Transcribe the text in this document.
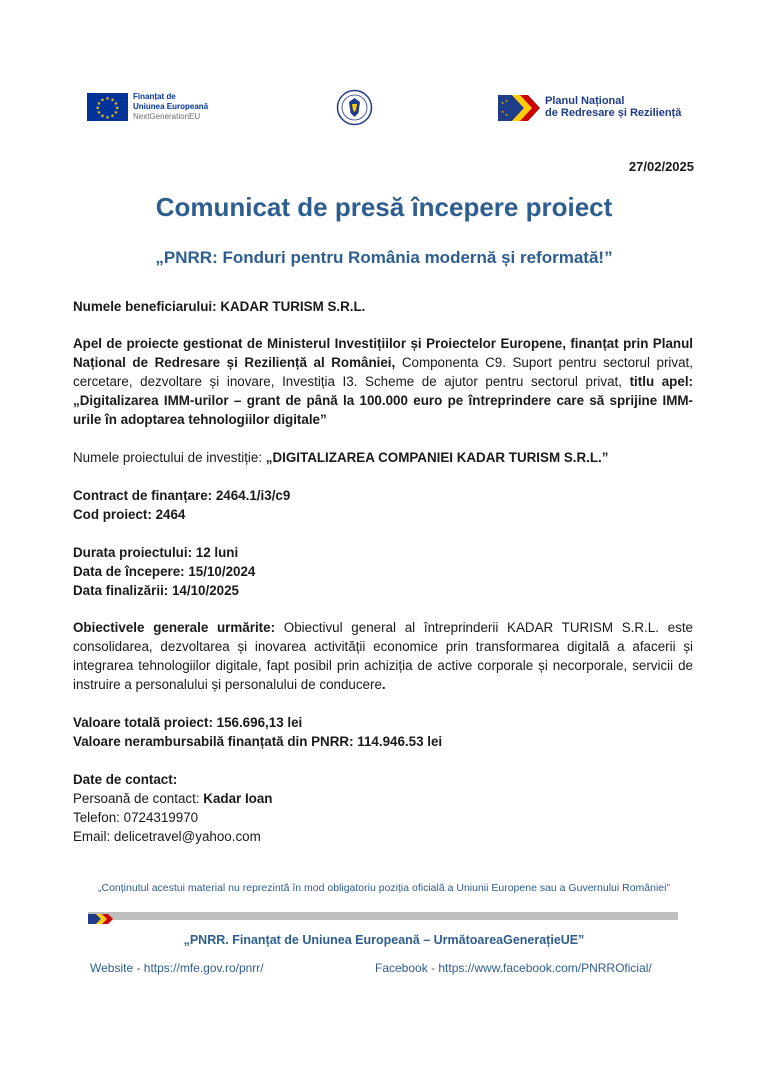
★ ★
★
★
★
★
★
★
★
★
★
★	Finanțat de
Uniunea Europeană
NextGenerationEU
★ ★
★
★
Planul Național
de Redresare și Reziliență
27/02/2025
Comunicat de presă începere proiect
„PNRR: Fonduri pentru România modernă și reformată!”
Numele beneficiarului: KADAR TURISM S.R.L.

Apel de proiecte gestionat de Ministerul Investițiilor și Proiectelor Europene, finanțat prin Planul Național de Redresare și Reziliență al României, Componenta C9. Suport pentru sectorul privat, cercetare, dezvoltare și inovare, Investiția I3. Scheme de ajutor pentru sectorul privat, titlu apel: „Digitalizarea IMM-urilor – grant de până la 100.000 euro pe întreprindere care să sprijine IMM-urile în adoptarea tehnologiilor digitale”

Numele proiectului de investiție: „DIGITALIZAREA COMPANIEI KADAR TURISM S.R.L.”
Contract de finanțare: 2464.1/i3/c9
Cod proiect: 2464
Durata proiectului: 12 luni
Data de începere: 15/10/2024
Data finalizării: 14/10/2025

Obiectivele generale urmărite: Obiectivul general al întreprinderii KADAR TURISM S.R.L. este consolidarea, dezvoltarea și inovarea activității economice prin transformarea digitală a afacerii și integrarea tehnologiilor digitale, fapt posibil prin achiziția de active corporale și necorporale, servicii de instruire a personalului și personalului de conducere.

Valoare totală proiect: 156.696,13 lei
Valoare nerambursabilă finanțată din PNRR: 114.946.53 lei
Date de contact:
Persoană de contact: Kadar Ioan
Telefon: 0724319970
Email: delicetravel@yahoo.com
„Conținutul acestui material nu reprezintă în mod obligatoriu poziția oficială a Uniunii Europene sau a Guvernului României”
„PNRR. Finanțat de Uniunea Europeană – UrmătoareaGenerațieUE”
Website - https://mfe.gov.ro/pnrr/	Facebook - https://www.facebook.com/PNRROficial/
